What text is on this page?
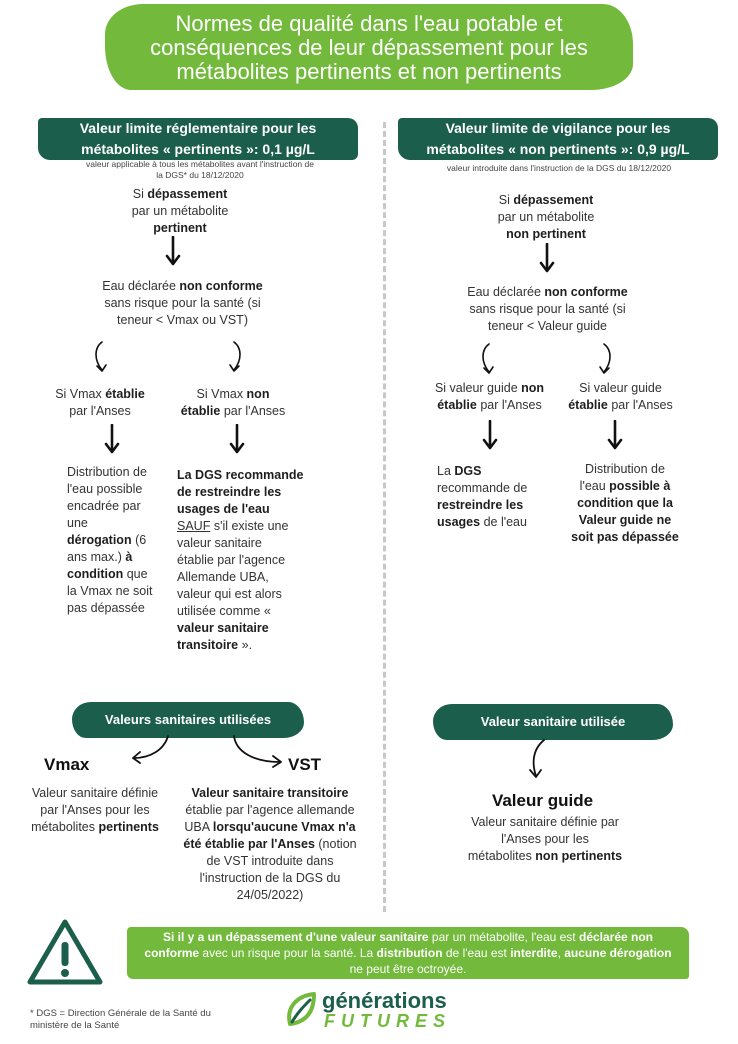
Normes de qualité dans l'eau potable et
conséquences de leur dépassement pour les
métabolites pertinents et non pertinents
Valeur limite réglementaire pour les
métabolites « pertinents »: 0,1 µg/L
valeur applicable à tous les métabolites avant l'instruction de
la DGS* du 18/12/2020
Si dépassement
par un métabolite
pertinent
Eau déclarée non conforme
sans risque pour la santé (si
teneur < Vmax ou VST)
Si Vmax établie
par l'Anses
Si Vmax non
établie par l'Anses
Distribution de
l'eau possible
encadrée par
une
dérogation (6
ans max.) à
condition que
la Vmax ne soit
pas dépassée
La DGS recommande
de restreindre les
usages de l'eau
SAUF s'il existe une
valeur sanitaire
établie par l'agence
Allemande UBA,
valeur qui est alors
utilisée comme «
valeur sanitaire
transitoire ».
Valeurs sanitaires utilisées
Vmax	VST
Valeur sanitaire définie
par l'Anses pour les
métabolites pertinents
Valeur sanitaire transitoire
établie par l'agence allemande
UBA lorsqu'aucune Vmax n'a
été établie par l'Anses (notion
de VST introduite dans
l'instruction de la DGS du
24/05/2022)
Valeur limite de vigilance pour les
métabolites « non pertinents »: 0,9 µg/L
valeur introduite dans l'instruction de la DGS du 18/12/2020
Si dépassement
par un métabolite
non pertinent
Eau déclarée non conforme
sans risque pour la santé (si
teneur < Valeur guide
Si valeur guide non
établie par l'Anses
Si valeur guide
établie par l'Anses
La DGS
recommande de
restreindre les
usages de l'eau
Distribution de
l'eau possible à
condition que la
Valeur guide ne
soit pas dépassée
Valeur sanitaire utilisée
Valeur guide
Valeur sanitaire définie par
l'Anses pour les
métabolites non pertinents
Si il y a un dépassement d'une valeur sanitaire par un métabolite, l'eau est déclarée non conforme avec un risque pour la santé. La distribution de l'eau est interdite, aucune dérogation ne peut être octroyée.
* DGS = Direction Générale de la Santé du
ministère de la Santé
générations
FUTURES
